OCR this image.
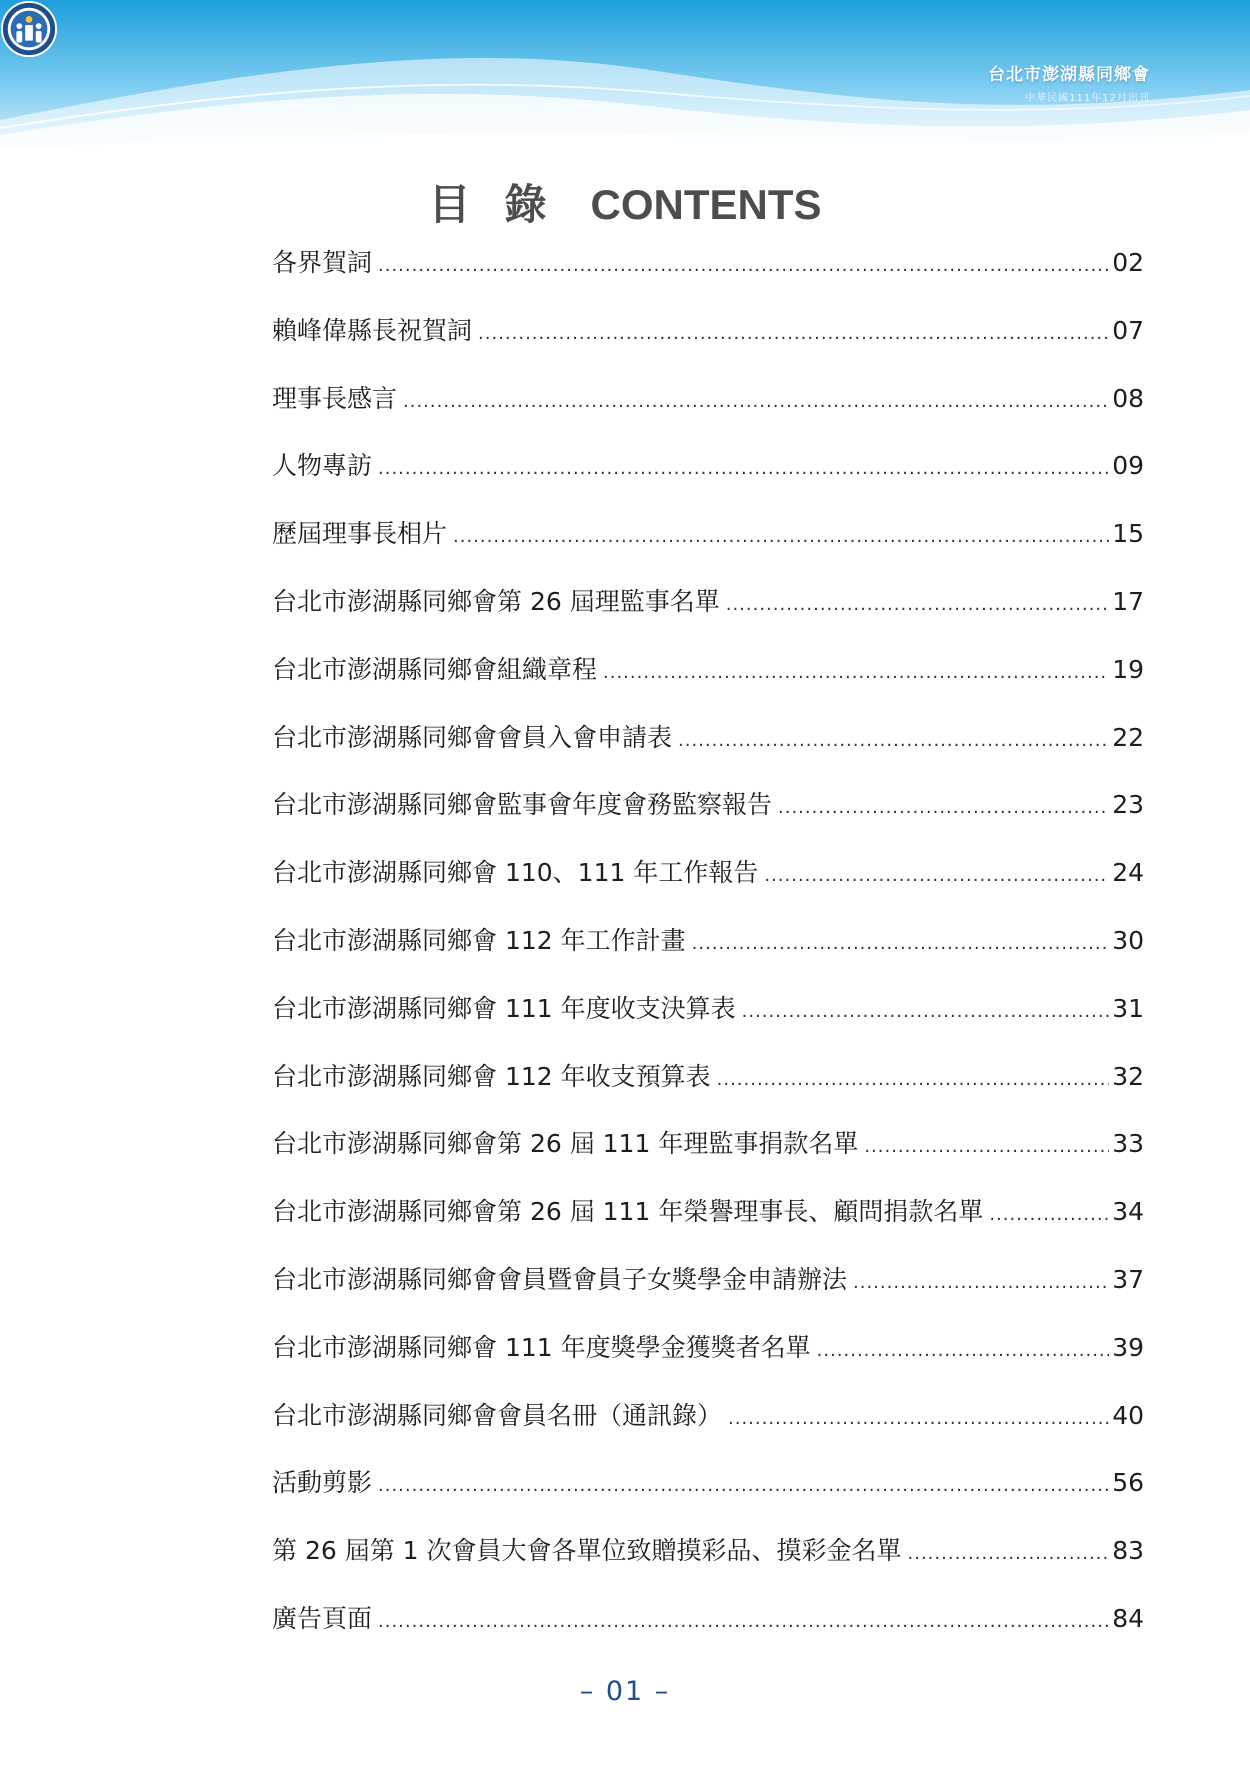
台北市澎湖縣同鄉會
中華民國111年12月出刊
目錄 CONTENTS
各界賀詞 .....	02
賴峰偉縣長祝賀詞 .....	07
理事長感言 .....	08
人物專訪 .....	09
歷屆理事長相片 .....	15
台北市澎湖縣同鄉會第 26 屆理監事名單 .....	17
台北市澎湖縣同鄉會組織章程 .....	19
台北市澎湖縣同鄉會會員入會申請表 .....	22
台北市澎湖縣同鄉會監事會年度會務監察報告 .....	23
台北市澎湖縣同鄉會 110、111 年工作報告 .....	24
台北市澎湖縣同鄉會 112 年工作計畫 .....	30
台北市澎湖縣同鄉會 111 年度收支決算表 .....	31
台北市澎湖縣同鄉會 112 年收支預算表 .....	32
台北市澎湖縣同鄉會第 26 屆 111 年理監事捐款名單 .....	33
台北市澎湖縣同鄉會第 26 屆 111 年榮譽理事長、顧問捐款名單 .....	34
台北市澎湖縣同鄉會會員暨會員子女獎學金申請辦法 .....	37
台北市澎湖縣同鄉會 111 年度獎學金獲獎者名單 .....	39
台北市澎湖縣同鄉會會員名冊（通訊錄） .....	40
活動剪影 .....	56
第 26 屆第 1 次會員大會各單位致贈摸彩品、摸彩金名單 .....	83
廣告頁面 .....	84
– 01 –
